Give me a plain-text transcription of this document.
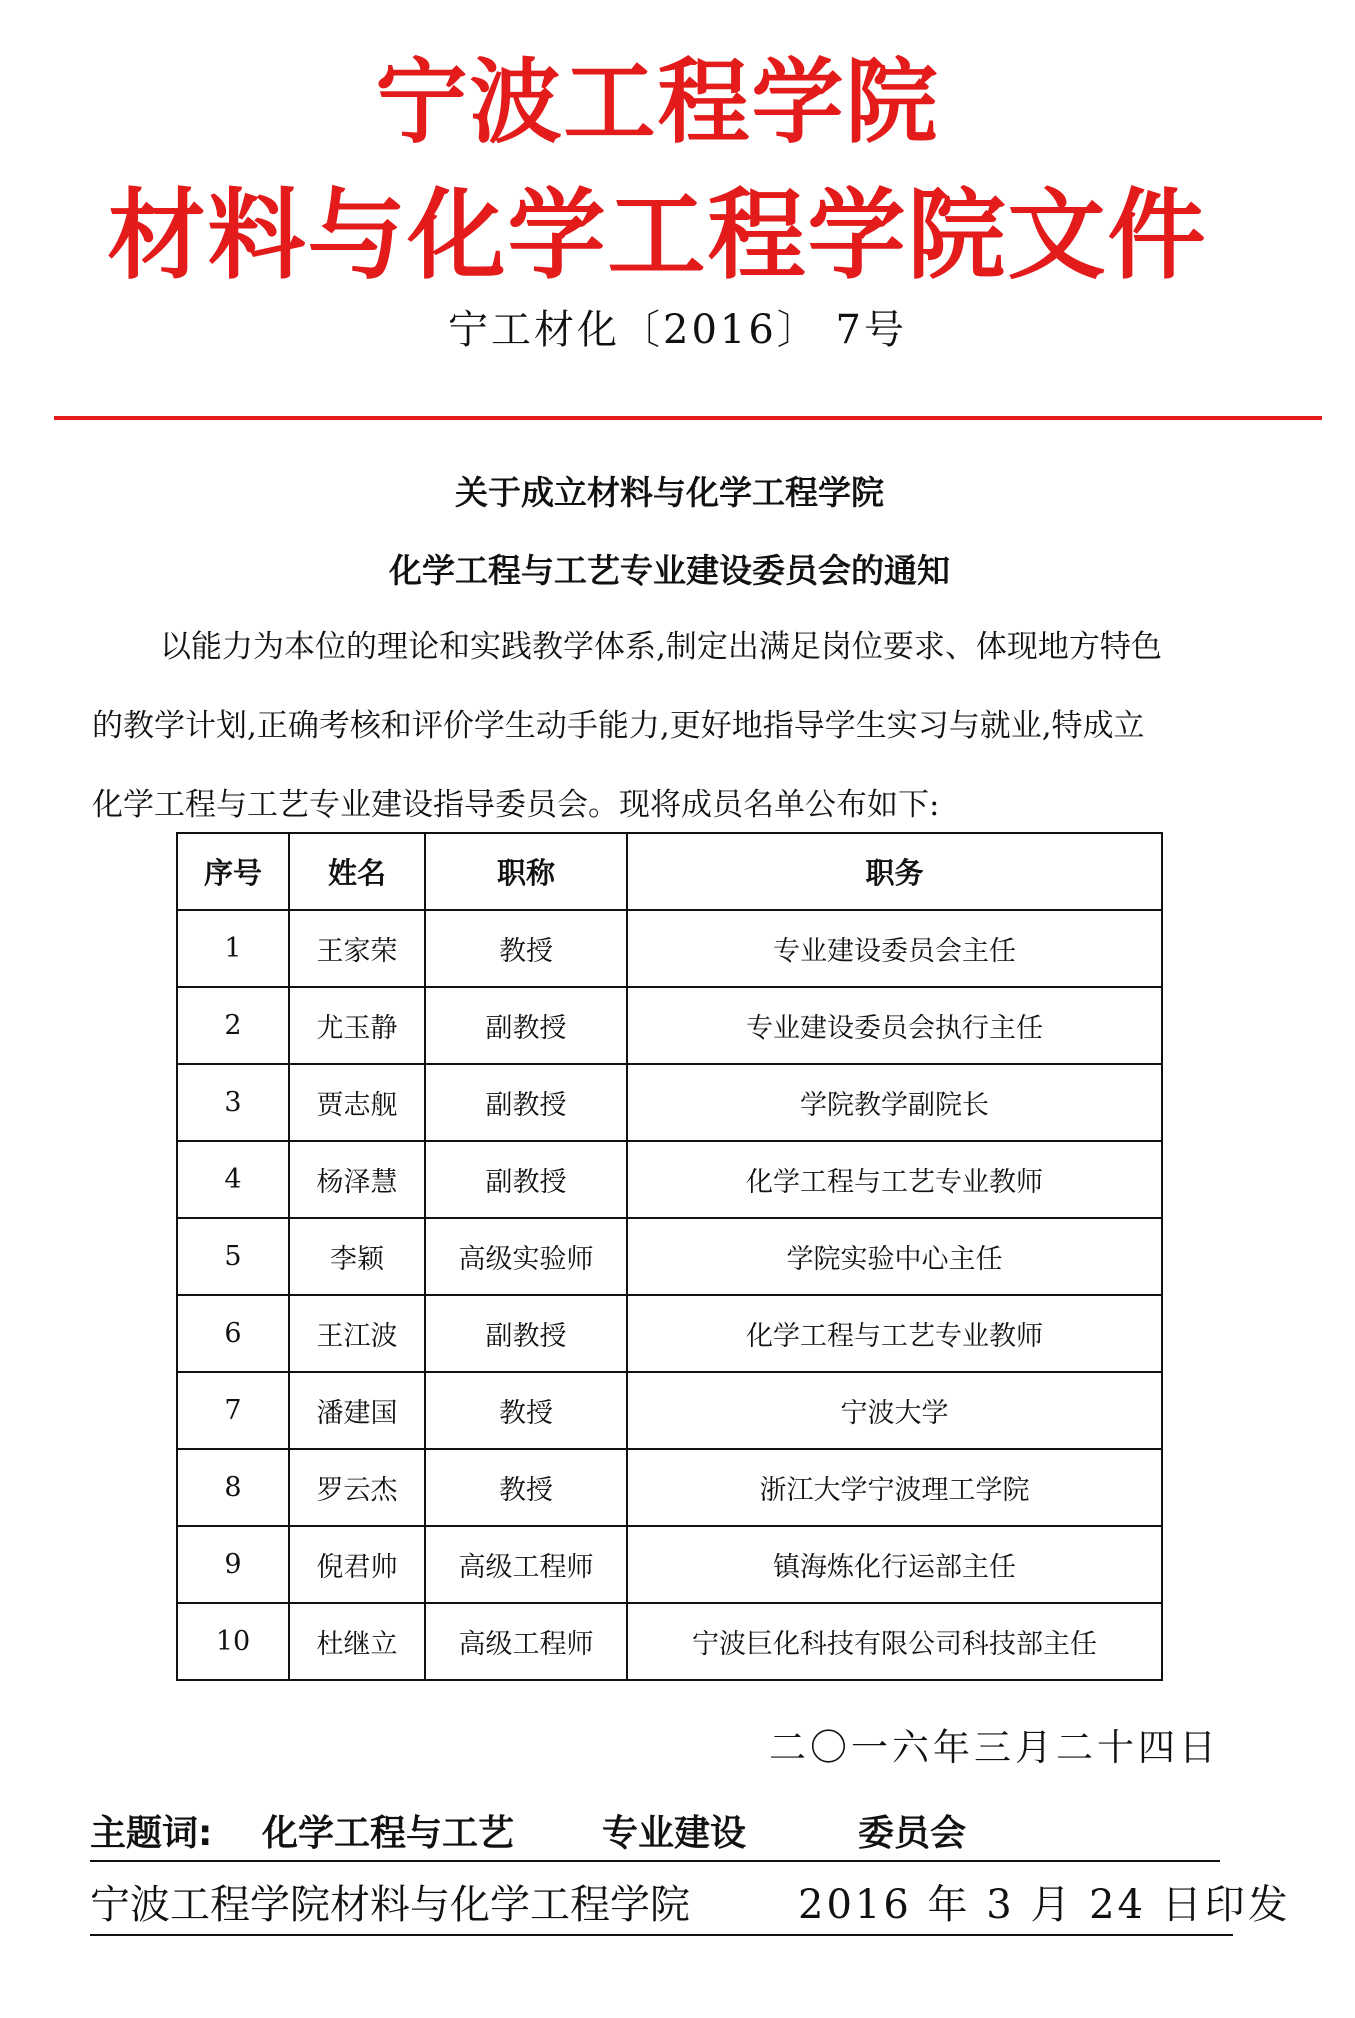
宁波工程学院
材料与化学工程学院文件
宁工材化〔2016〕 7号
关于成立材料与化学工程学院
化学工程与工艺专业建设委员会的通知
以能力为本位的理论和实践教学体系,制定出满足岗位要求、体现地方特色
的教学计划,正确考核和评价学生动手能力,更好地指导学生实习与就业,特成立
化学工程与工艺专业建设指导委员会。现将成员名单公布如下:
序号	姓名	职称	职务
1	王家荣	教授	专业建设委员会主任
2	尤玉静	副教授	专业建设委员会执行主任
3	贾志舰	副教授	学院教学副院长
4	杨泽慧	副教授	化学工程与工艺专业教师
5	李颖	高级实验师	学院实验中心主任
6	王江波	副教授	化学工程与工艺专业教师
7	潘建国	教授	宁波大学
8	罗云杰	教授	浙江大学宁波理工学院
9	倪君帅	高级工程师	镇海炼化行运部主任
10	杜继立	高级工程师	宁波巨化科技有限公司科技部主任
二〇一六年三月二十四日
主题词: 化学工程与工艺 专业建设	委员会
宁波工程学院材料与化学工程学院	2016 年 3 月 24 日印发
